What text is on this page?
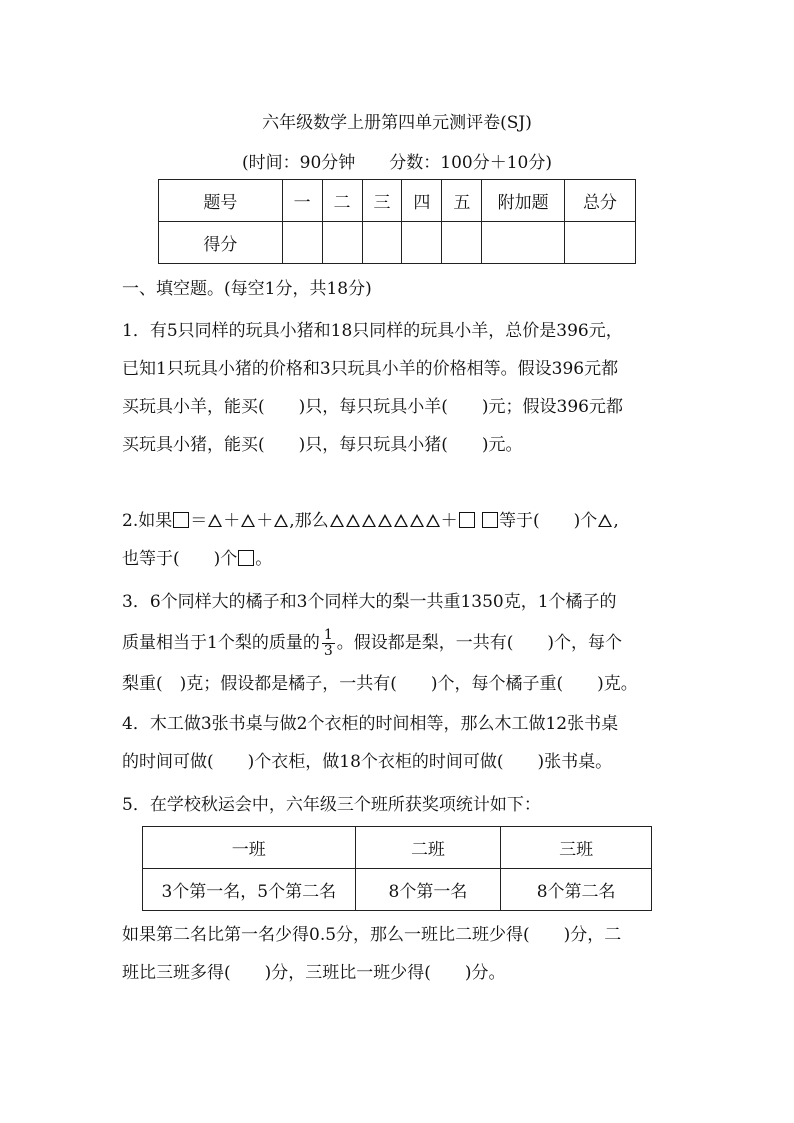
六年级数学上册第四单元测评卷(SJ)
(时间：90分钟　　分数：100分＋10分)
题号	一	二	三	四	五	附加题	总分
得分							
一、填空题。(每空1分，共18分)
1．有5只同样的玩具小猪和18只同样的玩具小羊，总价是396元，
已知1只玩具小猪的价格和3只玩具小羊的价格相等。假设396元都
买玩具小羊，能买(　　)只，每只玩具小羊(　　)元；假设396元都
买玩具小猪，能买(　　)只，每只玩具小猪(　　)元。
2.如果 ＝ ＋ ＋ ,那么	＋ 等于(　　)个 ,
也等于(　　)个 。
3．6个同样大的橘子和3个同样大的梨一共重1350克，1个橘子的
质量相当于1个梨的质量的 $\frac{1}{3}$ 。假设都是梨，一共有(　　)个，每个
梨重(　)克；假设都是橘子，一共有(　　)个，每个橘子重(　　)克。
4．木工做3张书桌与做2个衣柜的时间相等，那么木工做12张书桌
的时间可做(　　)个衣柜，做18个衣柜的时间可做(　　)张书桌。
5．在学校秋运会中，六年级三个班所获奖项统计如下：
一班	二班	三班
3个第一名，5个第二名	8个第一名	8个第二名
如果第二名比第一名少得0.5分，那么一班比二班少得(　　)分，二
班比三班多得(　　)分，三班比一班少得(　　)分。
